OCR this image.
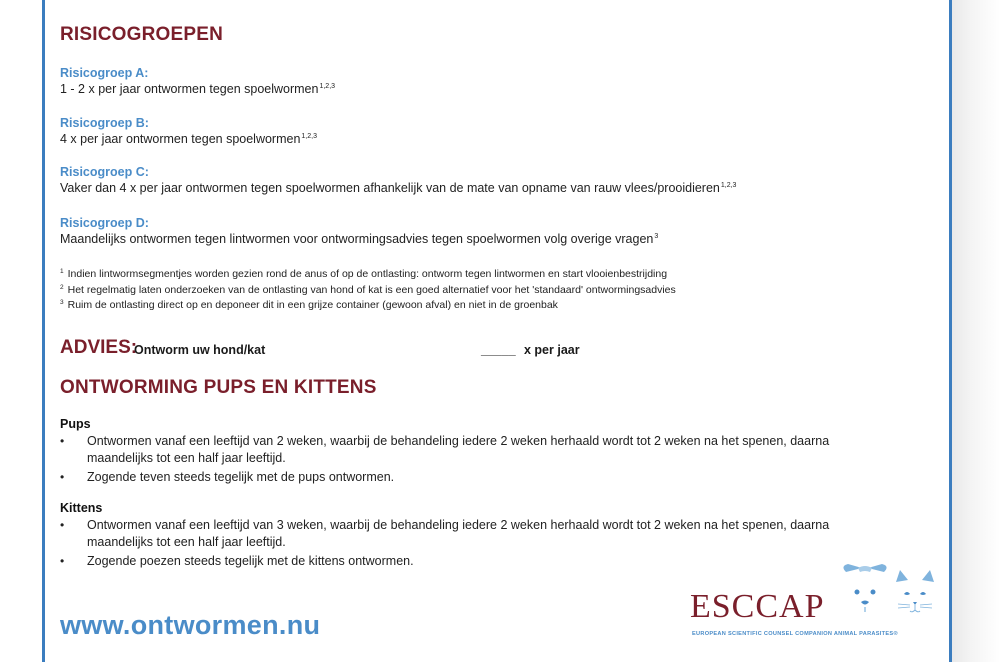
RISICOGROEPEN
Risicogroep A:
1 - 2 x per jaar ontwormen tegen spoelwormen$^{1,2,3}$
Risicogroep B:
4 x per jaar ontwormen tegen spoelwormen$^{1,2,3}$
Risicogroep C:
Vaker dan 4 x per jaar ontwormen tegen spoelwormen afhankelijk van de mate van opname van rauw vlees/prooidieren$^{1,2,3}$
Risicogroep D:
Maandelijks ontwormen tegen lintwormen voor ontwormingsadvies tegen spoelwormen volg overige vragen$^3$
$^1$ Indien lintwormsegmentjes worden gezien rond de anus of op de ontlasting: ontworm tegen lintwormen en start vlooienbestrijding
$^2$ Het regelmatig laten onderzoeken van de ontlasting van hond of kat is een goed alternatief voor het 'standaard' ontwormingsadvies
$^3$ Ruim de ontlasting direct op en deponeer dit in een grijze container (gewoon afval) en niet in de groenbak
ADVIES:
Ontworm uw hond/kat	_____ x per jaar
ONTWORMING PUPS EN KITTENS
Pups
• Ontwormen vanaf een leeftijd van 2 weken, waarbij de behandeling iedere 2 weken herhaald wordt tot 2 weken na het spenen, daarna maandelijks tot een half jaar leeftijd.
• Zogende teven steeds tegelijk met de pups ontwormen.
Kittens
• Ontwormen vanaf een leeftijd van 3 weken, waarbij de behandeling iedere 2 weken herhaald wordt tot 2 weken na het spenen, daarna maandelijks tot een half jaar leeftijd.
• Zogende poezen steeds tegelijk met de kittens ontwormen.
www.ontwormen.nu	ESCCAP
EUROPEAN SCIENTIFIC COUNSEL COMPANION ANIMAL PARASITES®
